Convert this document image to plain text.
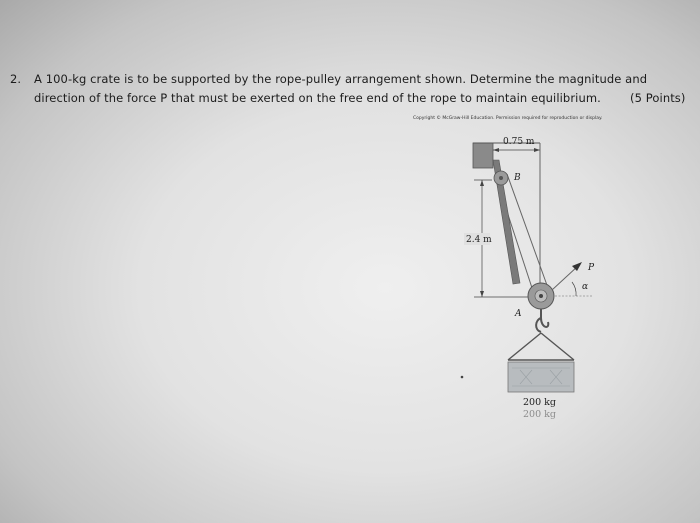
2. A 100-kg crate is to be supported by the rope-pulley arrangement shown. Determine the magnitude and
direction of the force P that must be exerted on the free end of the rope to maintain equilibrium.	(5 Points)
Copyright © McGraw-Hill Education. Permission required for reproduction or display.
0.75 m
2.4 m
B
A
P
α
200 kg
200 kg
